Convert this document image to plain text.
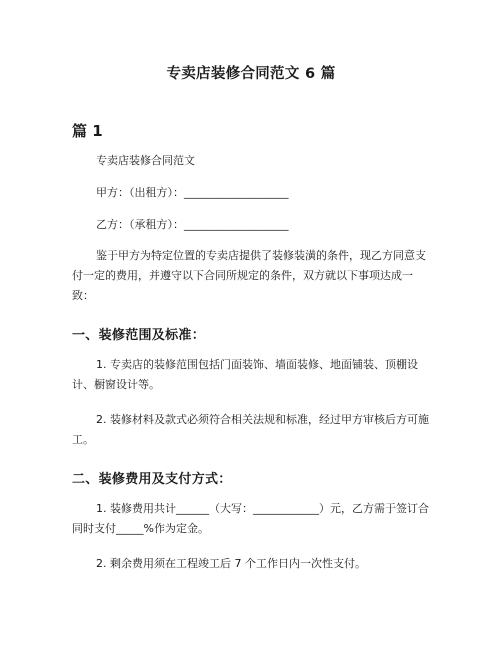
专卖店装修合同范文 6 篇
篇 1

专卖店装修合同范文

甲方：（出租方）：___________________

乙方：（承租方）：___________________

鉴于甲方为特定位置的专卖店提供了装修装潢的条件，现乙方同意支付一定的费用，并遵守以下合同所规定的条件，双方就以下事项达成一致：

一、装修范围及标准：

1. 专卖店的装修范围包括门面装饰、墙面装修、地面铺装、顶棚设计、橱窗设计等。

2. 装修材料及款式必须符合相关法规和标准，经过甲方审核后方可施工。

二、装修费用及支付方式：

1. 装修费用共计______（大写：____________）元，乙方需于签订合同时支付_____%作为定金。

2. 剩余费用须在工程竣工后 7 个工作日内一次性支付。
